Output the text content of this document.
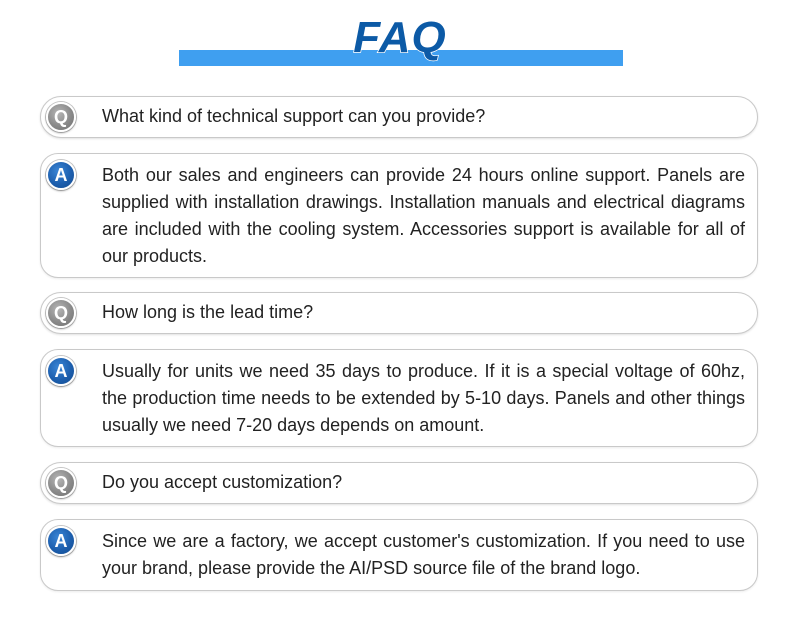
FAQ
Q	What kind of technical support can you provide?
A	Both our sales and engineers can provide 24 hours online support. Panels are supplied with installation drawings. Installation manuals and electrical diagrams are included with the cooling system. Accessories support is available for all of our products.
Q	How long is the lead time?
A	Usually for units we need 35 days to produce. If it is a special voltage of 60hz, the production time needs to be extended by 5-10 days. Panels and other things usually we need 7-20 days depends on amount.
Q	Do you accept customization?
A	Since we are a factory, we accept customer's customization. If you need to use your brand, please provide the AI/PSD source file of the brand logo.
